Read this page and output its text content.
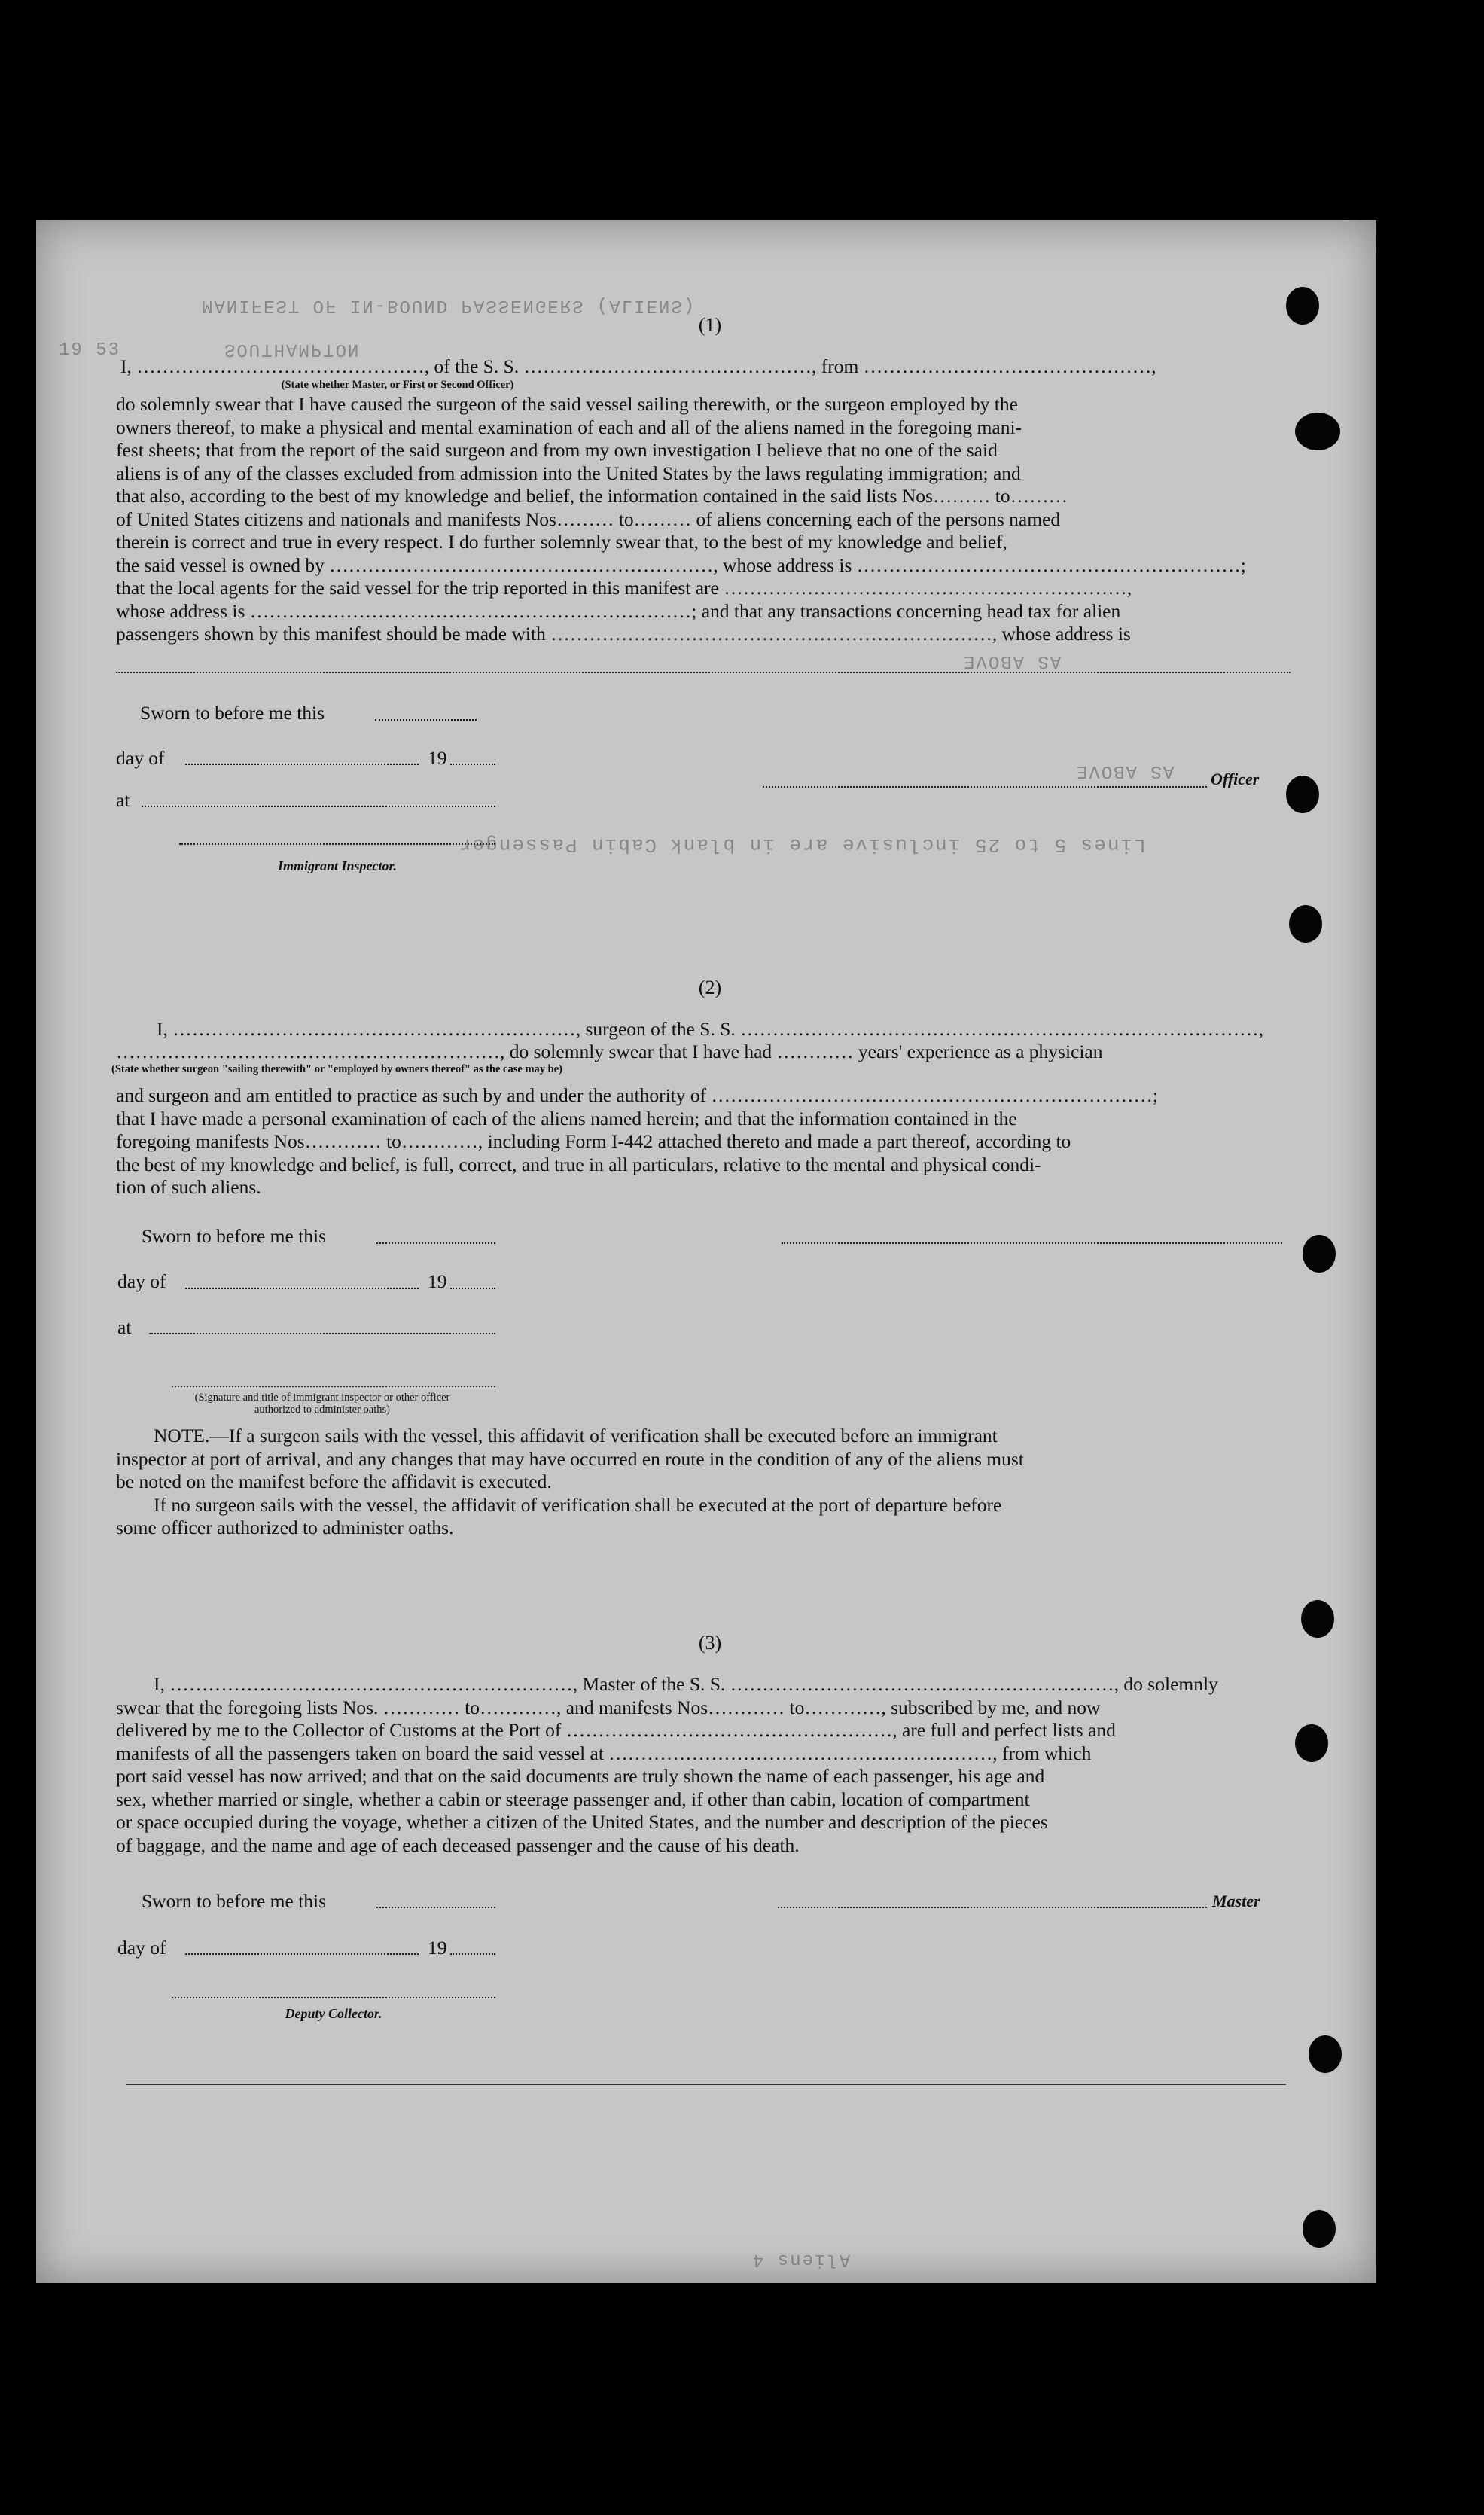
MANIFEST OF IN-BOUND PASSENGERS (ALIENS)
SOUTHAMPTON
19 53
AS ABOVE
AS ABOVE
Lines 5 to 25 inclusive are in blank
Cabin Passenger
Aliens 4
(1)
I, ………………………………………, of the S. S. ………………………………………, from ………………………………………,
(State whether Master, or First or Second Officer)
do solemnly swear that I have caused the surgeon of the said vessel sailing therewith, or the surgeon employed by the
owners thereof, to make a physical and mental examination of each and all of the aliens named in the foregoing mani-
fest sheets; that from the report of the said surgeon and from my own investigation I believe that no one of the said
aliens is of any of the classes excluded from admission into the United States by the laws regulating immigration; and
that also, according to the best of my knowledge and belief, the information contained in the said lists Nos……… to………
of United States citizens and nationals and manifests Nos……… to……… of aliens concerning each of the persons named
therein is correct and true in every respect. I do further solemnly swear that, to the best of my knowledge and belief,
the said vessel is owned by ……………………………………………………, whose address is ……………………………………………………;
that the local agents for the said vessel for the trip reported in this manifest are ………………………………………………………,
whose address is ……………………………………………………………; and that any transactions concerning head tax for alien
passengers shown by this manifest should be made with ……………………………………………………………, whose address is
Sworn to before me this
day of	19
at
Officer
Immigrant Inspector.
(2)
I, ………………………………………………………, surgeon of the S. S. ………………………………………………………………………,
……………………………………………………, do solemnly swear that I have had ………… years' experience as a physician
(State whether surgeon "sailing therewith" or "employed by owners thereof" as the case may be)
and surgeon and am entitled to practice as such by and under the authority of ……………………………………………………………;
that I have made a personal examination of each of the aliens named herein; and that the information contained in the
foregoing manifests Nos………… to…………, including Form I-442 attached thereto and made a part thereof, according to
the best of my knowledge and belief, is full, correct, and true in all particulars, relative to the mental and physical condi-
tion of such aliens.
Sworn to before me this
day of	19
at
(Signature and title of immigrant inspector or other officer authorized to administer oaths)
NOTE.—If a surgeon sails with the vessel, this affidavit of verification shall be executed before an immigrant
inspector at port of arrival, and any changes that may have occurred en route in the condition of any of the aliens must
be noted on the manifest before the affidavit is executed.
If no surgeon sails with the vessel, the affidavit of verification shall be executed at the port of departure before
some officer authorized to administer oaths.
(3)
I, ………………………………………………………, Master of the S. S. ……………………………………………………, do solemnly
swear that the foregoing lists Nos. ………… to…………, and manifests Nos………… to…………, subscribed by me, and now
delivered by me to the Collector of Customs at the Port of ……………………………………………, are full and perfect lists and
manifests of all the passengers taken on board the said vessel at ……………………………………………………, from which
port said vessel has now arrived; and that on the said documents are truly shown the name of each passenger, his age and
sex, whether married or single, whether a cabin or steerage passenger and, if other than cabin, location of compartment
or space occupied during the voyage, whether a citizen of the United States, and the number and description of the pieces
of baggage, and the name and age of each deceased passenger and the cause of his death.
Sworn to before me this	Master
day of	19
Deputy Collector.
